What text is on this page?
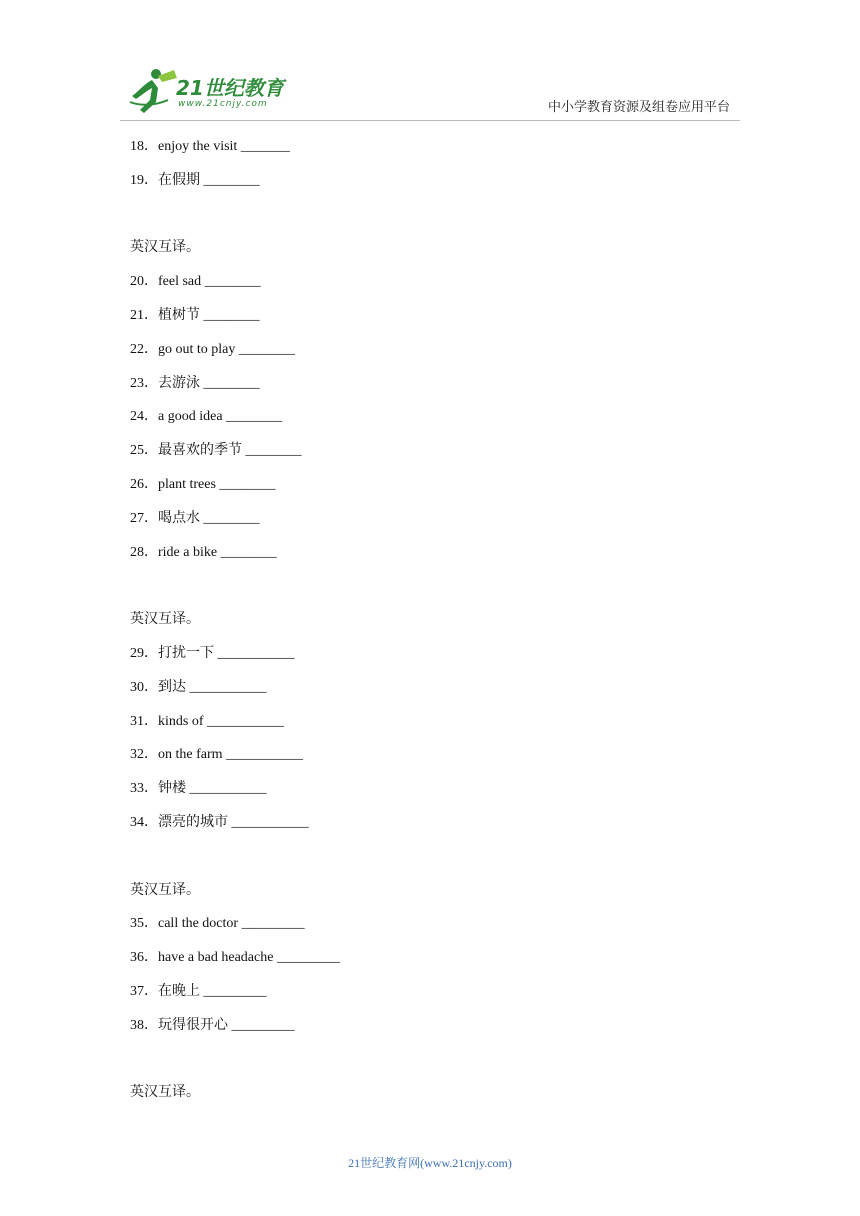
21世纪教育
www.21cnjy.com	中小学教育资源及组卷应用平台
18．enjoy the visit _______
19．在假期 ________
英汉互译。
20．feel sad ________
21．植树节 ________
22．go out to play ________
23．去游泳 ________
24．a good idea ________
25．最喜欢的季节 ________
26．plant trees ________
27．喝点水 ________
28．ride a bike ________
英汉互译。
29．打扰一下 ___________
30．到达 ___________
31．kinds of ___________
32．on the farm ___________
33．钟楼 ___________
34．漂亮的城市 ___________
英汉互译。
35．call the doctor _________
36．have a bad headache _________
37．在晚上 _________
38．玩得很开心 _________
英汉互译。
21世纪教育网(www.21cnjy.com)
